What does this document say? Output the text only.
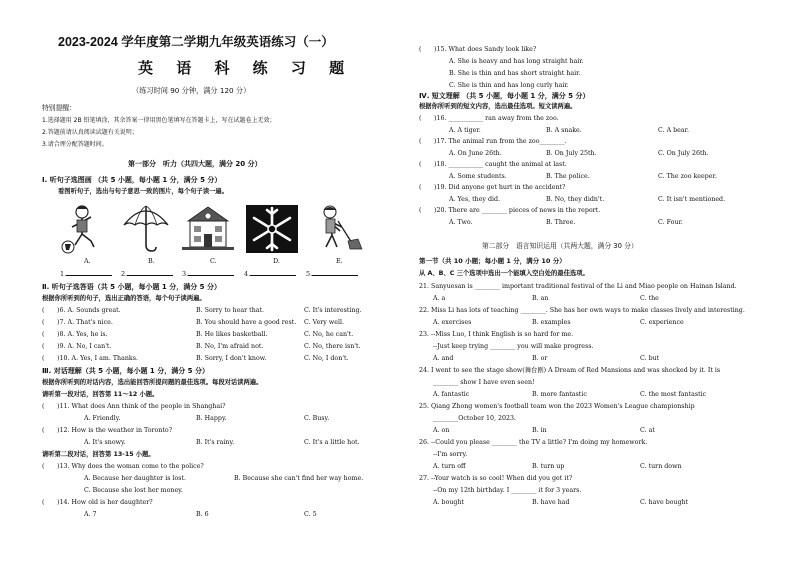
2023-2024 学年度第二学期九年级英语练习（一）
英 语 科 练 习 题
（练习时间 90 分钟，满分 120 分）
特别提醒：
1.选择题用 2B 铅笔填涂，其余答案一律用黑色笔填写在答题卡上，写在试题卷上无效；
2.答题前请认真阅读试题有关说明；
3.请合理分配答题时间。
第一部分　听力（共四大题，满分 20 分）
Ⅰ. 听句子选图画 （共 5 小题，每小题 1 分，满分 5 分）
看图听句子，选出与句子意思一致的图片，每个句子读一遍。
A.	B.	C.	D.	E.
1.	2.	3.	4.	5.
Ⅱ. 听句子选答语（共 5 小题，每小题 1 分，满分 5 分）
根据你所听到的句子，选出正确的答语，每个句子读两遍。
(　　)6. A. Sounds great.	B. Sorry to hear that.	C. It's interesting.
(　　)7. A. That's nice.	B. You should have a good rest. C. Very well.
(　　)8. A. Yes, he is.	B. He likes basketball.	C. No, he can't.
(　　)9. A. No, I can't.	B. No, I'm afraid not.	C. No, there isn't.
(　　)10. A. Yes, I am. Thanks.	B. Sorry, I don't know.	C. No, I don't.
Ⅲ. 对话理解（共 5 小题，每小题 1 分，满分 5 分）
根据你所听到的对话内容，选出能回答所提问题的最佳选项。每段对话读两遍。
请听第一段对话，回答第 11～12 小题。
(　　)11. What does Ann think of the people in Shanghai?
A. Friendly.	B. Happy.	C. Busy.
(　　)12. How is the weather in Toronto?
A. It's snowy.	B. It's rainy.	C. It's a little hot.
请听第二段对话，回答第 13-15 小题。
(　　)13. Why does the woman come to the police?
A. Because her daughter is lost.	B. Because she can't find her way home.
C. Because she lost her money.
(　　)14. How old is her daughter?
A. 7	B. 6	C. 5
(　　)15. What does Sandy look like?
A. She is heavy and has long straight hair.
B. She is thin and has short straight hair.
C. She is thin and has long curly hair.
Ⅳ. 短文理解 （共 5 小题，每小题 1 分，满分 5 分）
根据你所听到的短文内容，选出最佳选项。短文读两遍。
(　　)16. ___________ ran away from the zoo.
A. A tiger.	B. A snake.	C. A bear.
(　　)17. The animal run from the zoo________.
A. On June 26th.	B. On July 25th.	C. On July 26th.
(　　)18. ___________ caught the animal at last.
A. Some students.	B. The police.	C. The zoo keeper.
(　　)19. Did anyone get hurt in the accident?
A. Yes, they did.	B. No, they didn't.	C. It isn't mentioned.
(　　)20. There are ________ pieces of news in the report.
A. Two.	B. Three.	C. Four.
第二部分　语言知识运用（共两大题，满分 30 分）
第一节（共 10 小题；每小题 1 分，满分 10 分）
从 A、B、C 三个选项中选出一个能填入空白处的最佳选项。
21. Sanyuesan is ________ important traditional festival of the Li and Miao people on Hainan Island.
A. a	B. an	C. the
22. Miss Li has lots of teaching ________. She has her own ways to make classes lively and interesting.
A. exercises	B. examples	C. experience
23. --Miss Luo, I think English is so hard for me.
--Just keep trying ________ you will make progress.
A. and	B. or	C. but
24. I went to see the stage show(舞台剧) A Dream of Red Mansions and was shocked by it. It is
________ show I have even seen!
A. fantastic	B. more fantastic	C. the most fantastic
25. Qiang Zhong women's football team won the 2023 Women's League championship
________October 10, 2023.
A. on	B. in	C. at
26. --Could you please ________ the TV a little? I'm doing my homework.
--I'm sorry.
A. turn off	B. turn up	C. turn down
27. --Your watch is so cool! When did you get it?
--On my 12th birthday. I ________ it for 3 years.
A. bought	B. have had	C. have bought
